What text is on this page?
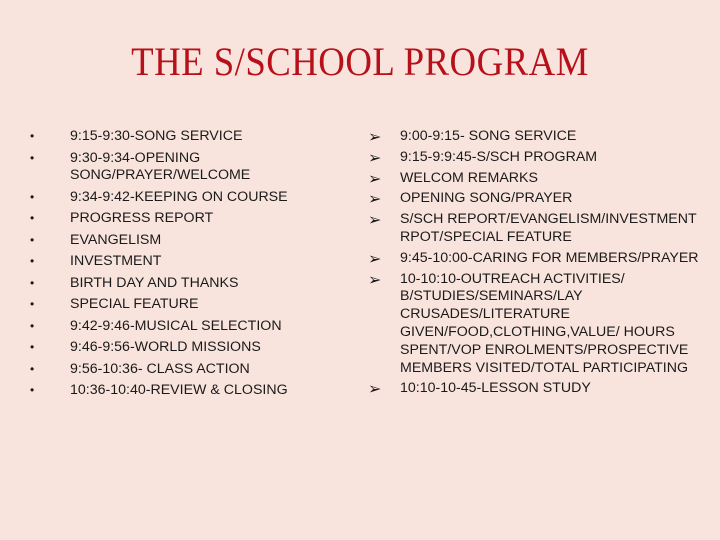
THE S/SCHOOL PROGRAM
•	9:15-9:30-SONG SERVICE
•	9:30-9:34-OPENING SONG/PRAYER/WELCOME
•	9:34-9:42-KEEPING ON COURSE
•	PROGRESS REPORT
•	EVANGELISM
•	INVESTMENT
•	BIRTH DAY AND THANKS
•	SPECIAL FEATURE
•	9:42-9:46-MUSICAL SELECTION
•	9:46-9:56-WORLD MISSIONS
•	9:56-10:36- CLASS ACTION
•	10:36-10:40-REVIEW & CLOSING
➢ 9:00-9:15- SONG SERVICE
➢ 9:15-9:9:45-S/SCH PROGRAM
➢ WELCOM REMARKS
➢ OPENING SONG/PRAYER
➢ S/SCH REPORT/EVANGELISM/INVESTMENT RPOT/SPECIAL FEATURE
➢ 9:45-10:00-CARING FOR MEMBERS/PRAYER
➢ 10-10:10-OUTREACH ACTIVITIES/ B/STUDIES/SEMINARS/LAY CRUSADES/LITERATURE GIVEN/FOOD,CLOTHING,VALUE/ HOURS SPENT/VOP ENROLMENTS/PROSPECTIVE MEMBERS VISITED/TOTAL PARTICIPATING
➢ 10:10-10-45-LESSON STUDY
